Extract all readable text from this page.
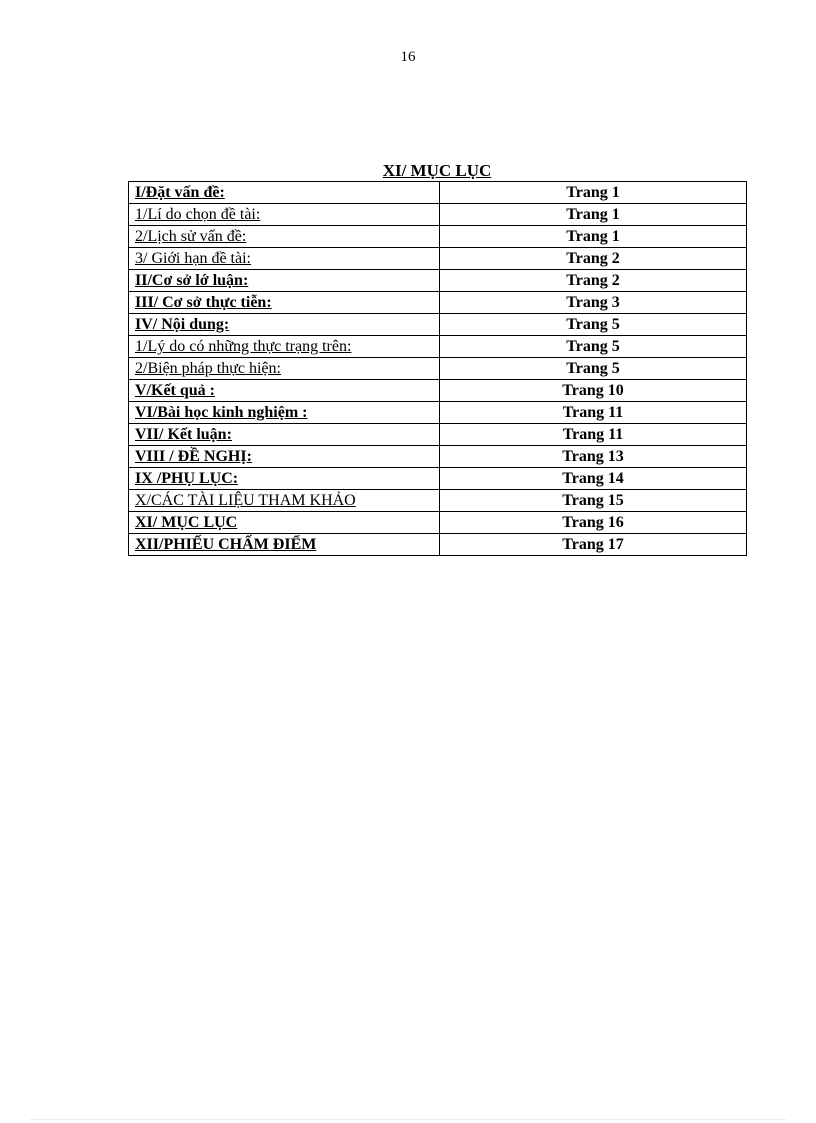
16
XI/ MỤC LỤC
I/Đặt vấn đề:	Trang 1
1/Lí do chọn đề tài:	Trang 1
2/Lịch sử vấn đề:	Trang 1
3/ Giới hạn đề tài:	Trang 2
II/Cơ sở lớ luận:	Trang 2
III/ Cơ sở thực tiễn:	Trang 3
IV/ Nội dung:	Trang 5
1/Lý do có những thực trạng trên:	Trang 5
2/Biện pháp thực hiện:	Trang 5
V/Kết quả :	Trang 10
VI/Bài học kinh nghiệm :	Trang 11
VII/ Kết luận:	Trang 11
VIII / ĐỀ NGHỊ:	Trang 13
IX /PHỤ LỤC:	Trang 14
X/CÁC TÀI LIỆU THAM KHẢO	Trang 15
XI/ MỤC LỤC	Trang 16
XII/PHIẾU CHẤM ĐIỂM	Trang 17
